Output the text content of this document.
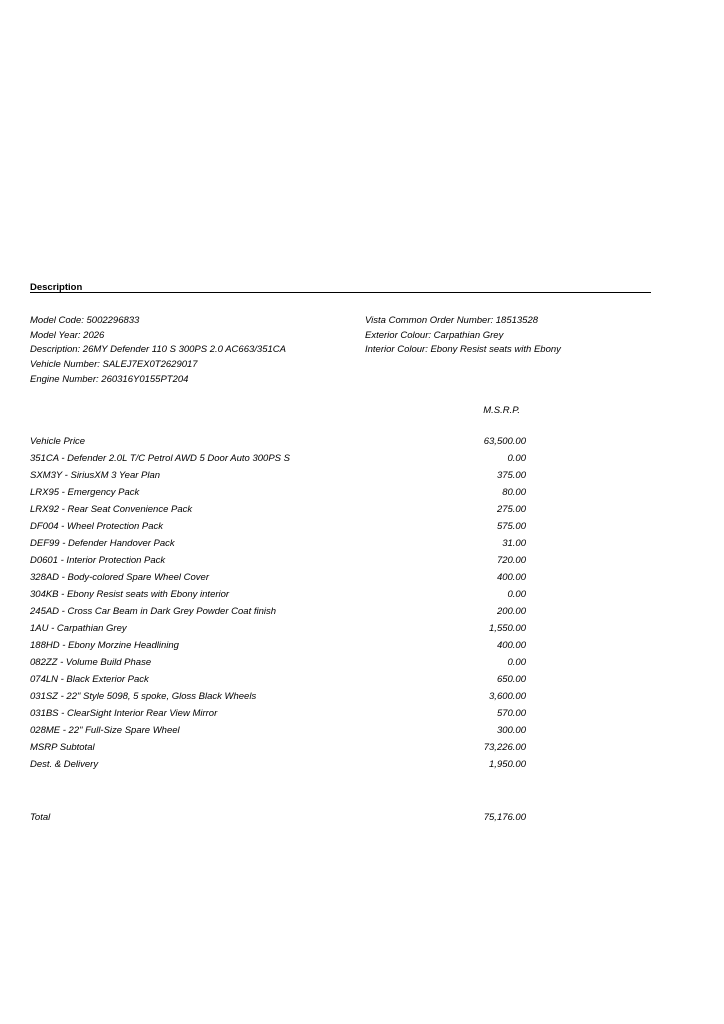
Description
Model Code: 5002296833
Model Year: 2026
Description: 26MY Defender 110 S 300PS 2.0 AC663/351CA
Vehicle Number: SALEJ7EX0T2629017
Engine Number: 260316Y0155PT204
Vista Common Order Number: 18513528
Exterior Colour: Carpathian Grey
Interior Colour: Ebony Resist seats with Ebony
M.S.R.P.
Vehicle Price	63,500.00
351CA - Defender 2.0L T/C Petrol AWD 5 Door Auto 300PS S	0.00
SXM3Y - SiriusXM 3 Year Plan	375.00
LRX95 - Emergency Pack	80.00
LRX92 - Rear Seat Convenience Pack	275.00
DF004 - Wheel Protection Pack	575.00
DEF99 - Defender Handover Pack	31.00
D0601 - Interior Protection Pack	720.00
328AD - Body-colored Spare Wheel Cover	400.00
304KB - Ebony Resist seats with Ebony interior	0.00
245AD - Cross Car Beam in Dark Grey Powder Coat finish	200.00
1AU - Carpathian Grey	1,550.00
188HD - Ebony Morzine Headlining	400.00
082ZZ - Volume Build Phase	0.00
074LN - Black Exterior Pack	650.00
031SZ - 22" Style 5098, 5 spoke, Gloss Black Wheels	3,600.00
031BS - ClearSight Interior Rear View Mirror	570.00
028ME - 22" Full-Size Spare Wheel	300.00
MSRP Subtotal	73,226.00
Dest. & Delivery	1,950.00
Total	75,176.00
